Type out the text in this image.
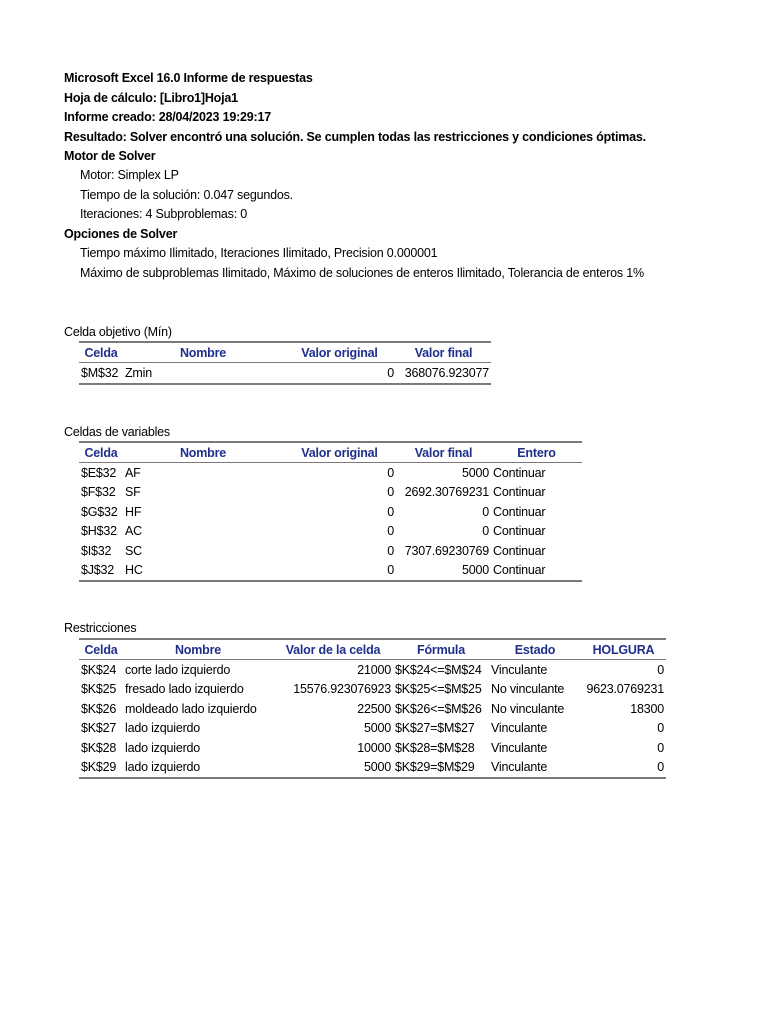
Microsoft Excel 16.0 Informe de respuestas
Hoja de cálculo: [Libro1]Hoja1
Informe creado: 28/04/2023 19:29:17
Resultado: Solver encontró una solución. Se cumplen todas las restricciones y condiciones óptimas.
Motor de Solver
Motor: Simplex LP
Tiempo de la solución: 0.047 segundos.
Iteraciones: 4 Subproblemas: 0
Opciones de Solver
Tiempo máximo Ilimitado, Iteraciones Ilimitado, Precision 0.000001
Máximo de subproblemas Ilimitado, Máximo de soluciones de enteros Ilimitado, Tolerancia de enteros 1%
Celda objetivo (Mín)
Celda	Nombre	Valor original	Valor final
$M$32	Zmin	0	368076.923077
Celdas de variables
Celda	Nombre	Valor original	Valor final	Entero
$E$32	AF	0	5000	Continuar
$F$32	SF	0	2692.30769231	Continuar
$G$32	HF	0	0	Continuar
$H$32	AC	0	0	Continuar
$I$32	SC	0	7307.69230769	Continuar
$J$32	HC	0	5000	Continuar
Restricciones
Celda	Nombre	Valor de la celda	Fórmula	Estado	HOLGURA
$K$24	corte lado izquierdo	21000	$K$24<=$M$24	Vinculante	0
$K$25	fresado lado izquierdo	15576.923076923	$K$25<=$M$25	No vinculante	9623.0769231
$K$26	moldeado lado izquierdo	22500	$K$26<=$M$26	No vinculante	18300
$K$27	lado izquierdo	5000	$K$27=$M$27	Vinculante	0
$K$28	lado izquierdo	10000	$K$28=$M$28	Vinculante	0
$K$29	lado izquierdo	5000	$K$29=$M$29	Vinculante	0
